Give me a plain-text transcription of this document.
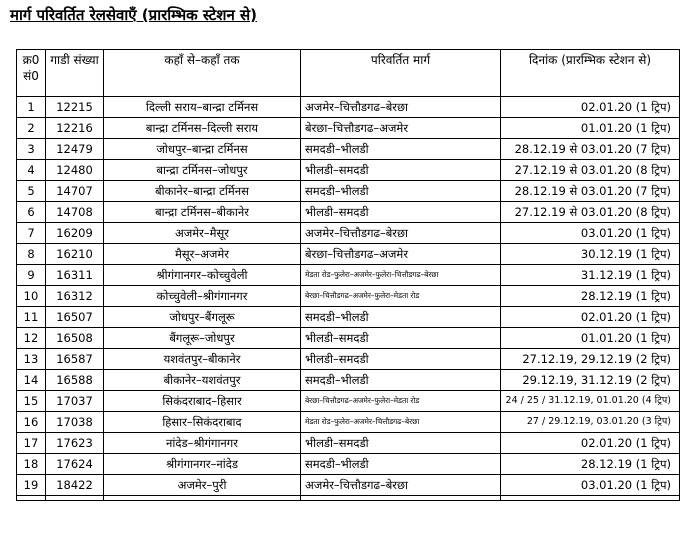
मार्ग परिवर्तित रेलसेवाएँ (प्रारम्भिक स्टेशन से)
क्र0 सं0	गाडी संख्या	कहाँ से–कहाँ तक	परिवर्तित मार्ग	दिनांक (प्रारम्भिक स्टेशन से)
1	12215	दिल्ली सराय–बान्द्रा टर्मिनस	अजमेर–चित्तौडगढ–बेरछा	02.01.20 (1 ट्रिप)
2	12216	बान्द्रा टर्मिनस–दिल्ली सराय	बेरछा–चित्तौडगढ–अजमेर	01.01.20 (1 ट्रिप)
3	12479	जोधपुर–बान्द्रा टर्मिनस	समदडी–भीलडी	28.12.19 से 03.01.20 (7 ट्रिप)
4	12480	बान्द्रा टर्मिनस–जोधपुर	भीलडी–समदडी	27.12.19 से 03.01.20 (8 ट्रिप)
5	14707	बीकानेर–बान्द्रा टर्मिनस	समदडी–भीलडी	28.12.19 से 03.01.20 (7 ट्रिप)
6	14708	बान्द्रा टर्मिनस–बीकानेर	भीलडी–समदडी	27.12.19 से 03.01.20 (8 ट्रिप)
7	16209	अजमेर–मैसूर	अजमेर–चित्तौडगढ–बेरछा	03.01.20 (1 ट्रिप)
8	16210	मैसूर–अजमेर	बेरछा–चित्तौडगढ–अजमेर	30.12.19 (1 ट्रिप)
9	16311	श्रीगंगानगर–कोच्चुवेली	मेडता रोड–फुलेरा–अजमेर–फुलेरा–चित्तौडगढ–बेरछा	31.12.19 (1 ट्रिप)
10	16312	कोच्चुवेली–श्रीगंगानगर	बेरछा–चित्तौडगढ–अजमेर–फुलेरा–मेडता रोड	28.12.19 (1 ट्रिप)
11	16507	जोधपुर–बैंगलूरू	समदडी–भीलडी	02.01.20 (1 ट्रिप)
12	16508	बैंगलूरू–जोधपुर	भीलडी–समदडी	01.01.20 (1 ट्रिप)
13	16587	यशवंतपुर–बीकानेर	भीलडी–समदडी	27.12.19, 29.12.19 (2 ट्रिप)
14	16588	बीकानेर–यशवंतपुर	समदडी–भीलडी	29.12.19, 31.12.19 (2 ट्रिप)
15	17037	सिकंदराबाद–हिसार	बेरछा–चित्तौडगढ–अजमेर–फुलेरा–मेडता रोड	24 / 25 / 31.12.19, 01.01.20 (4 ट्रिप)
16	17038	हिसार–सिकंदराबाद	मेडता रोड–फुलेरा–अजमेर–चित्तौडगढ–बेरछा	27 / 29.12.19, 03.01.20 (3 ट्रिप)
17	17623	नांदेड–श्रीगंगानगर	भीलडी–समदडी	02.01.20 (1 ट्रिप)
18	17624	श्रीगंगानगर–नांदेड	समदडी–भीलडी	28.12.19 (1 ट्रिप)
19	18422	अजमेर–पुरी	अजमेर–चित्तौडगढ–बेरछा	03.01.20 (1 ट्रिप)
